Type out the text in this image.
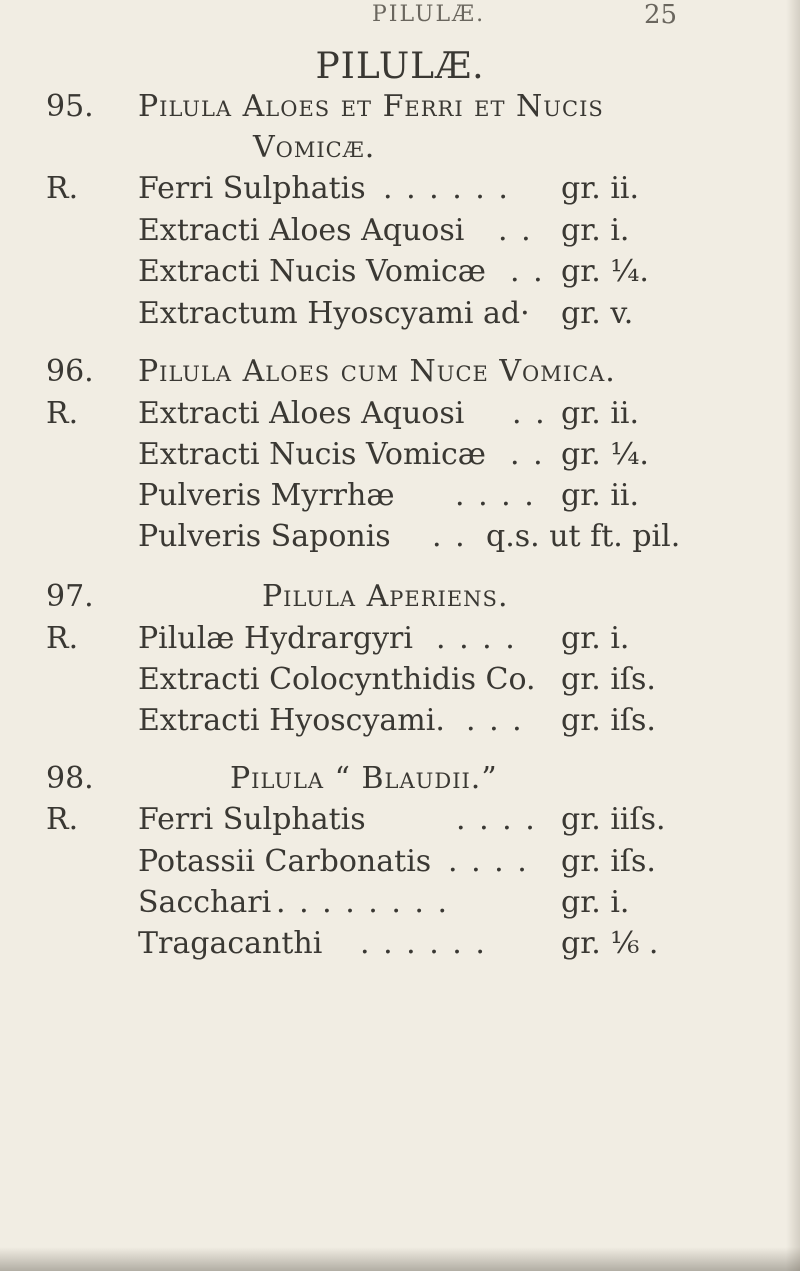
PILULÆ.	25
PILULÆ.
95. Pilula Aloes et Ferri et Nucis
Vomicæ.
R. Ferri Sulphatis . . . . . . gr. ii.
Extracti Aloes Aquosi . . gr. i.
Extracti Nucis Vomicæ . . gr. ¼.
Extractum Hyoscyami ad· gr. v.
96. Pilula Aloes cum Nuce Vomica.
R. Extracti Aloes Aquosi . . gr. ii.
Extracti Nucis Vomicæ . . gr. ¼.
Pulveris Myrrhæ . . . . gr. ii.
Pulveris Saponis . . q.s. ut ft. pil.
97.	Pilula Aperiens.
R. Pilulæ Hydrargyri . . . . gr. i.
Extracti Colocynthidis Co. gr. iſs.
Extracti Hyoscyami. . . . gr. iſs.
98.	Pilula “ Blaudii.”
R. Ferri Sulphatis	. . . . gr. iiſs.
Potassii Carbonatis . . . . gr. iſs.
Sacchari . . . . . . . .	gr. i.
Tragacanthi . . . . . . gr. ⅙ .
